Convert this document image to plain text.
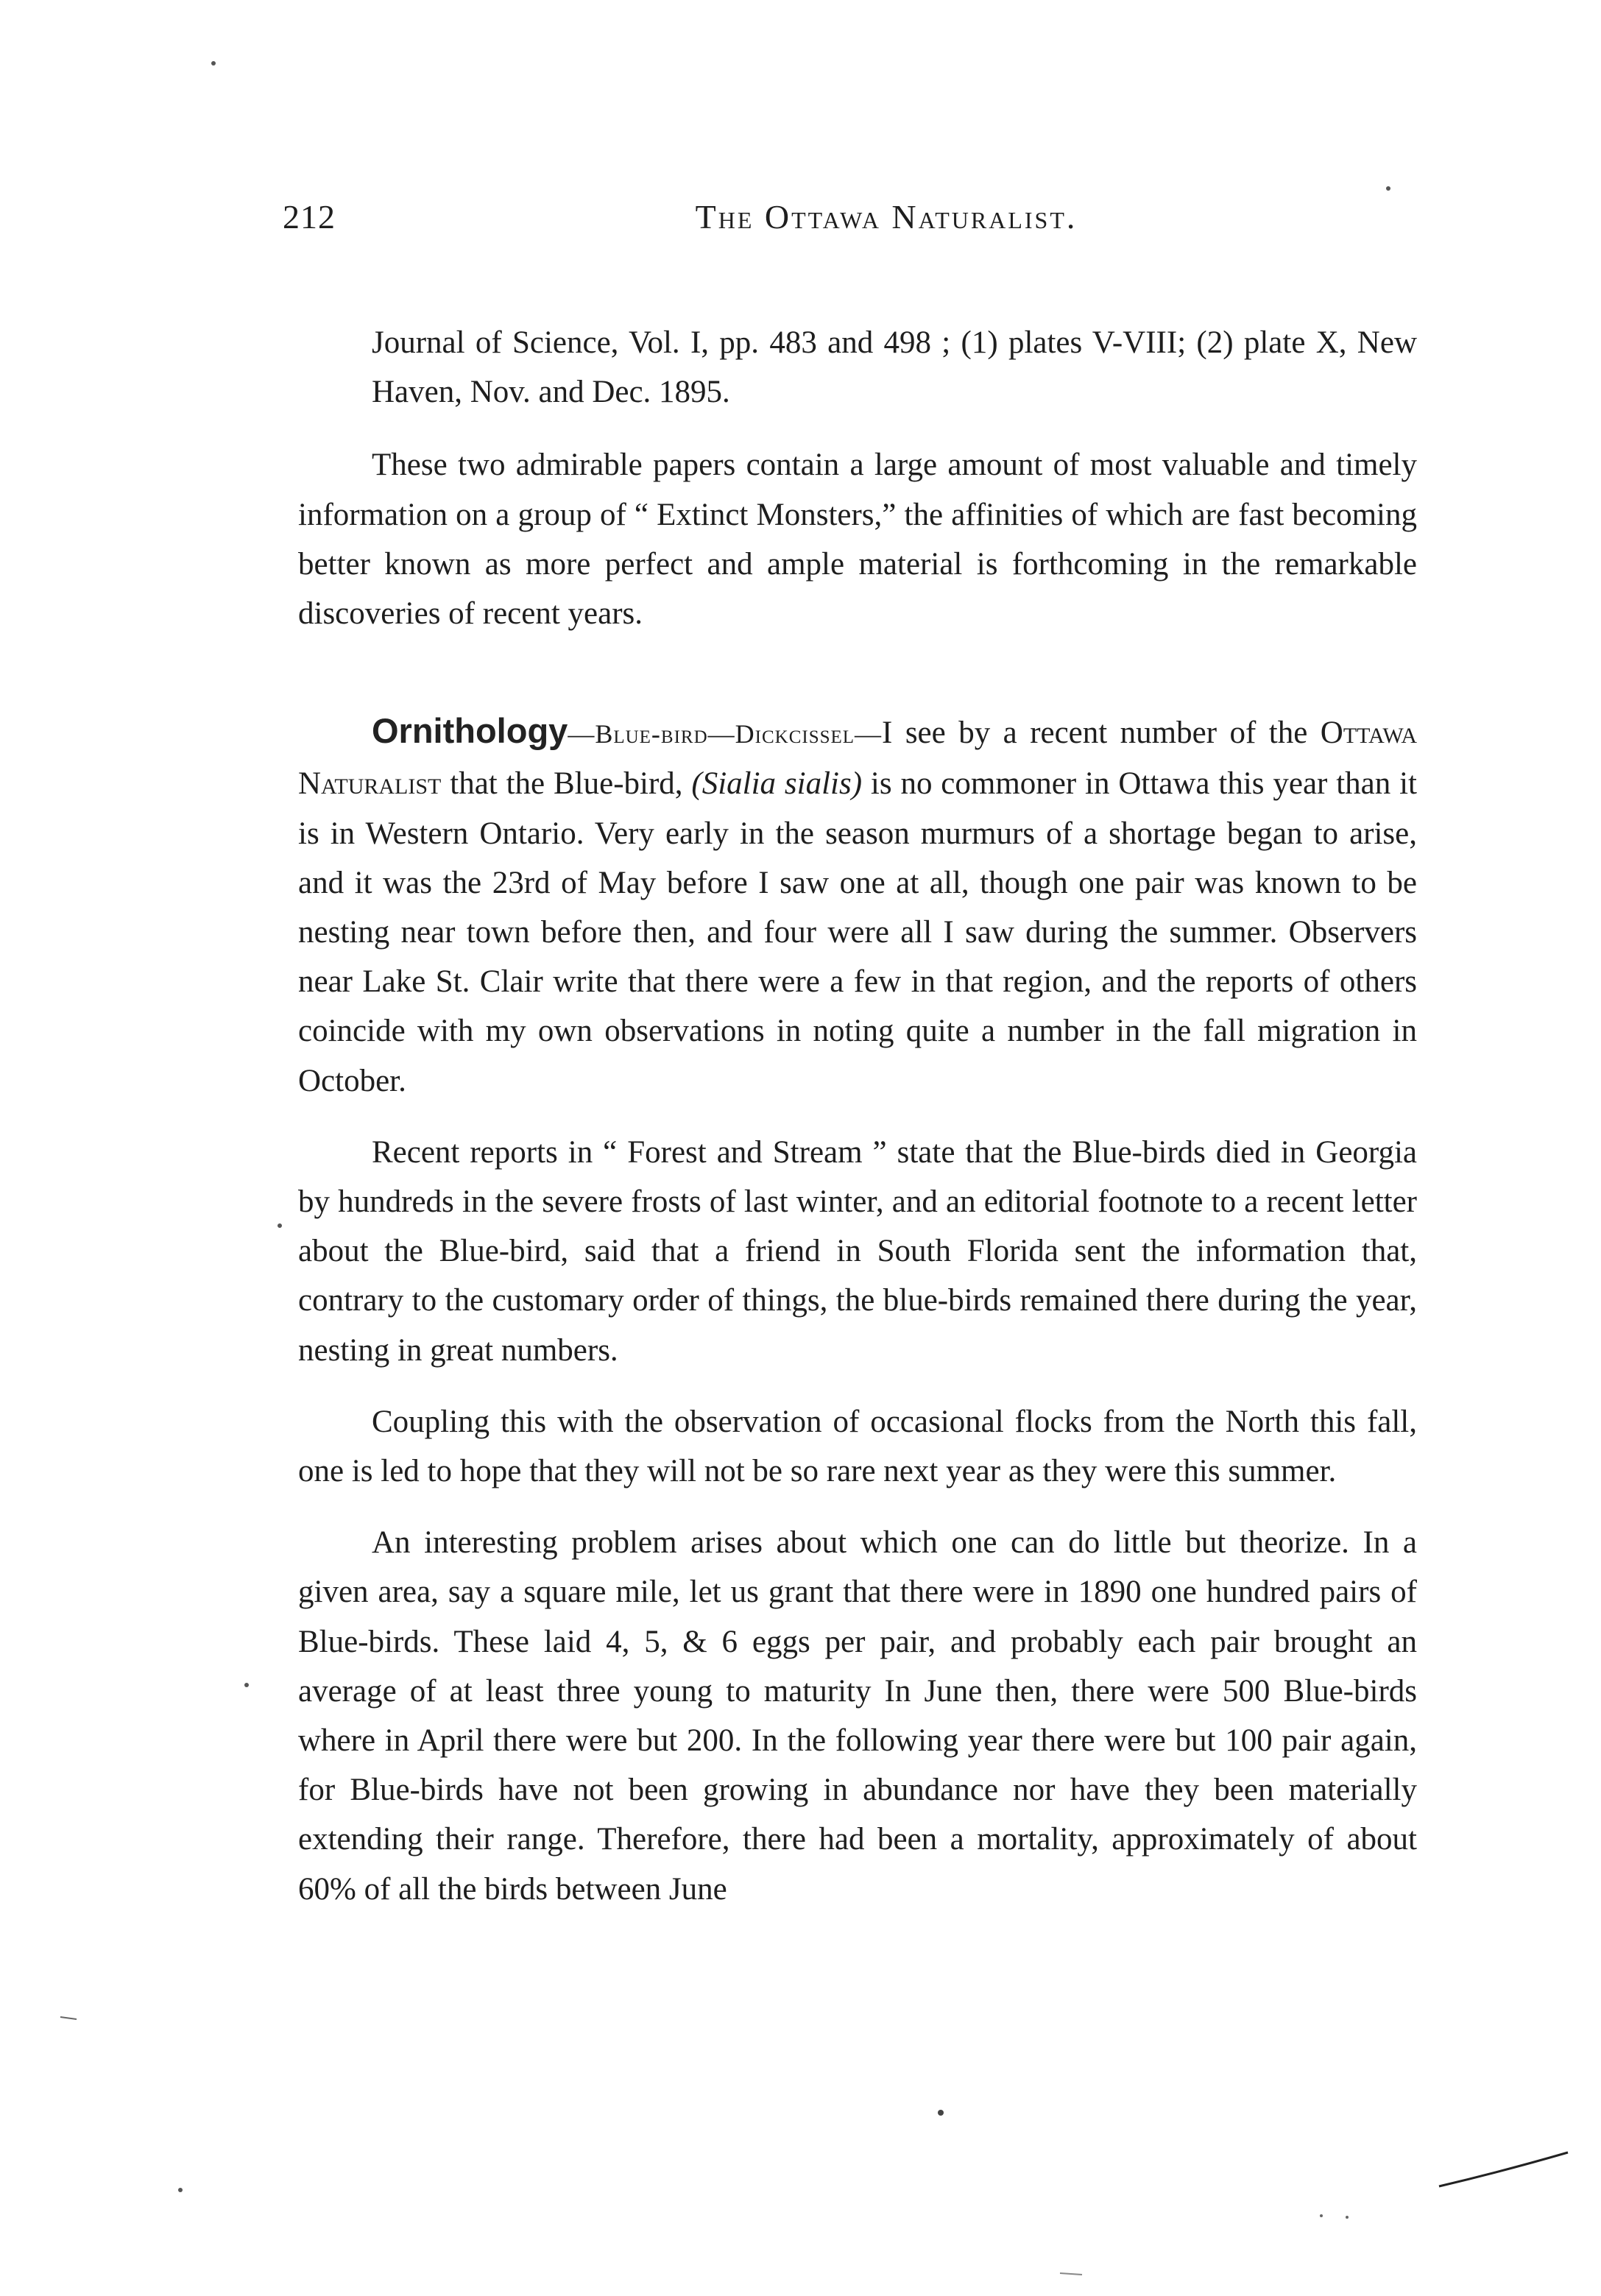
212	The Ottawa Naturalist.

Journal of Science, Vol. I, pp. 483 and 498 ; (1) plates V-VIII; (2) plate X, New Haven, Nov. and Dec. 1895.

These two admirable papers contain a large amount of most valuable and timely information on a group of “ Extinct Monsters,” the affinities of which are fast becoming better known as more perfect and ample material is forthcoming in the remarkable discoveries of recent years.

Ornithology—Blue-bird—Dickcissel—I see by a recent number of the Ottawa Naturalist that the Blue-bird, (Sialia sialis) is no commoner in Ottawa this year than it is in Western Ontario. Very early in the season murmurs of a shortage began to arise, and it was the 23rd of May before I saw one at all, though one pair was known to be nesting near town before then, and four were all I saw during the summer. Observers near Lake St. Clair write that there were a few in that region, and the reports of others coincide with my own observations in noting quite a number in the fall migration in October.

Recent reports in “ Forest and Stream ” state that the Blue-birds died in Georgia by hundreds in the severe frosts of last winter, and an editorial footnote to a recent letter about the Blue-bird, said that a friend in South Florida sent the information that, contrary to the customary order of things, the blue-birds remained there during the year, nesting in great numbers.

Coupling this with the observation of occasional flocks from the North this fall, one is led to hope that they will not be so rare next year as they were this summer.

An interesting problem arises about which one can do little but theorize. In a given area, say a square mile, let us grant that there were in 1890 one hundred pairs of Blue-birds. These laid 4, 5, & 6 eggs per pair, and probably each pair brought an average of at least three young to maturity In June then, there were 500 Blue-birds where in April there were but 200. In the following year there were but 100 pair again, for Blue-birds have not been growing in abundance nor have they been materially extending their range. Therefore, there had been a mortality, approximately of about 60% of all the birds between June
